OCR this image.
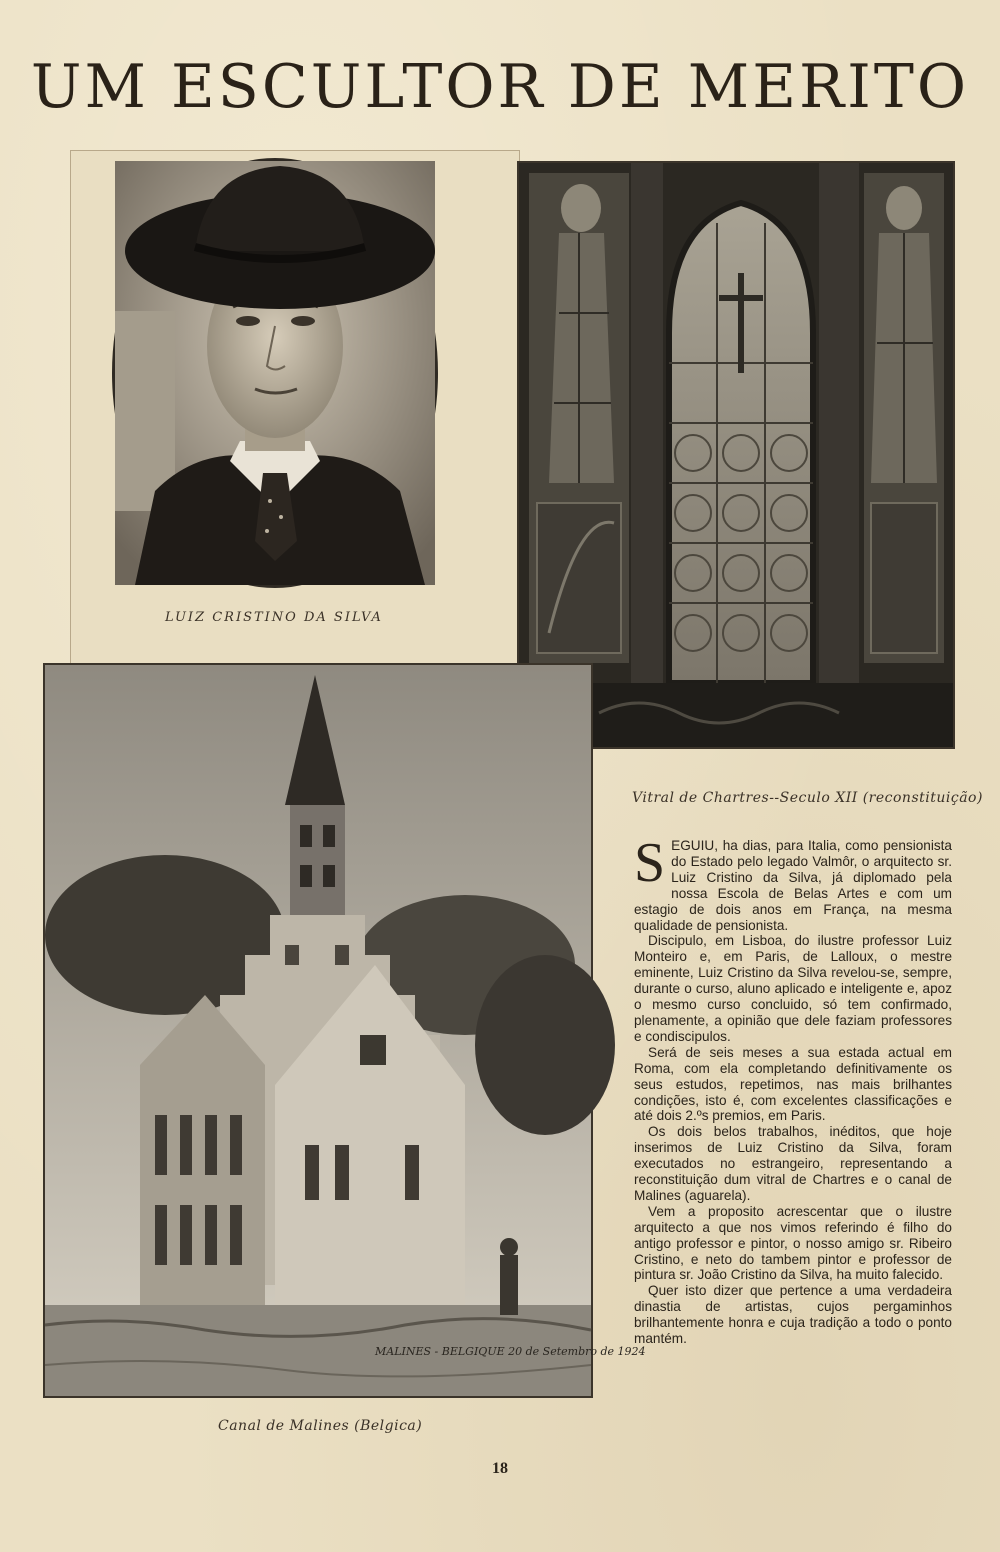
UM ESCULTOR DE MERITO
LUIZ CRISTINO DA SILVA
Vitral de Chartres--Seculo XII (reconstituição)
MALINES - BELGIQUE 20 de Setembro de 1924
Canal de Malines (Belgica)

SEGUIU, ha dias, para Italia, como pensionista do Estado pelo legado Valmôr, o arquitecto sr. Luiz Cristino da Silva, já diplomado pela nossa Escola de Belas Artes e com um estagio de dois anos em França, na mesma qualidade de pensionista.

Discipulo, em Lisboa, do ilustre professor Luiz Monteiro e, em Paris, de Lalloux, o mestre eminente, Luiz Cristino da Silva revelou-se, sempre, durante o curso, aluno aplicado e inteligente e, apoz o mesmo curso concluido, só tem confirmado, plenamente, a opinião que dele faziam professores e condiscipulos.

Será de seis meses a sua estada actual em Roma, com ela completando definitivamente os seus estudos, repetimos, nas mais brilhantes condições, isto é, com excelentes classificações e até dois 2.ºs premios, em Paris.

Os dois belos trabalhos, inéditos, que hoje inserimos de Luiz Cristino da Silva, foram executados no estrangeiro, representando a reconstituição dum vitral de Chartres e o canal de Malines (aguarela).

Vem a proposito acrescentar que o ilustre arquitecto a que nos vimos referindo é filho do antigo professor e pintor, o nosso amigo sr. Ribeiro Cristino, e neto do tambem pintor e professor de pintura sr. João Cristino da Silva, ha muito falecido.

Quer isto dizer que pertence a uma verdadeira dinastia de artistas, cujos pergaminhos brilhantemente honra e cuja tradição a todo o ponto mantém.

18
